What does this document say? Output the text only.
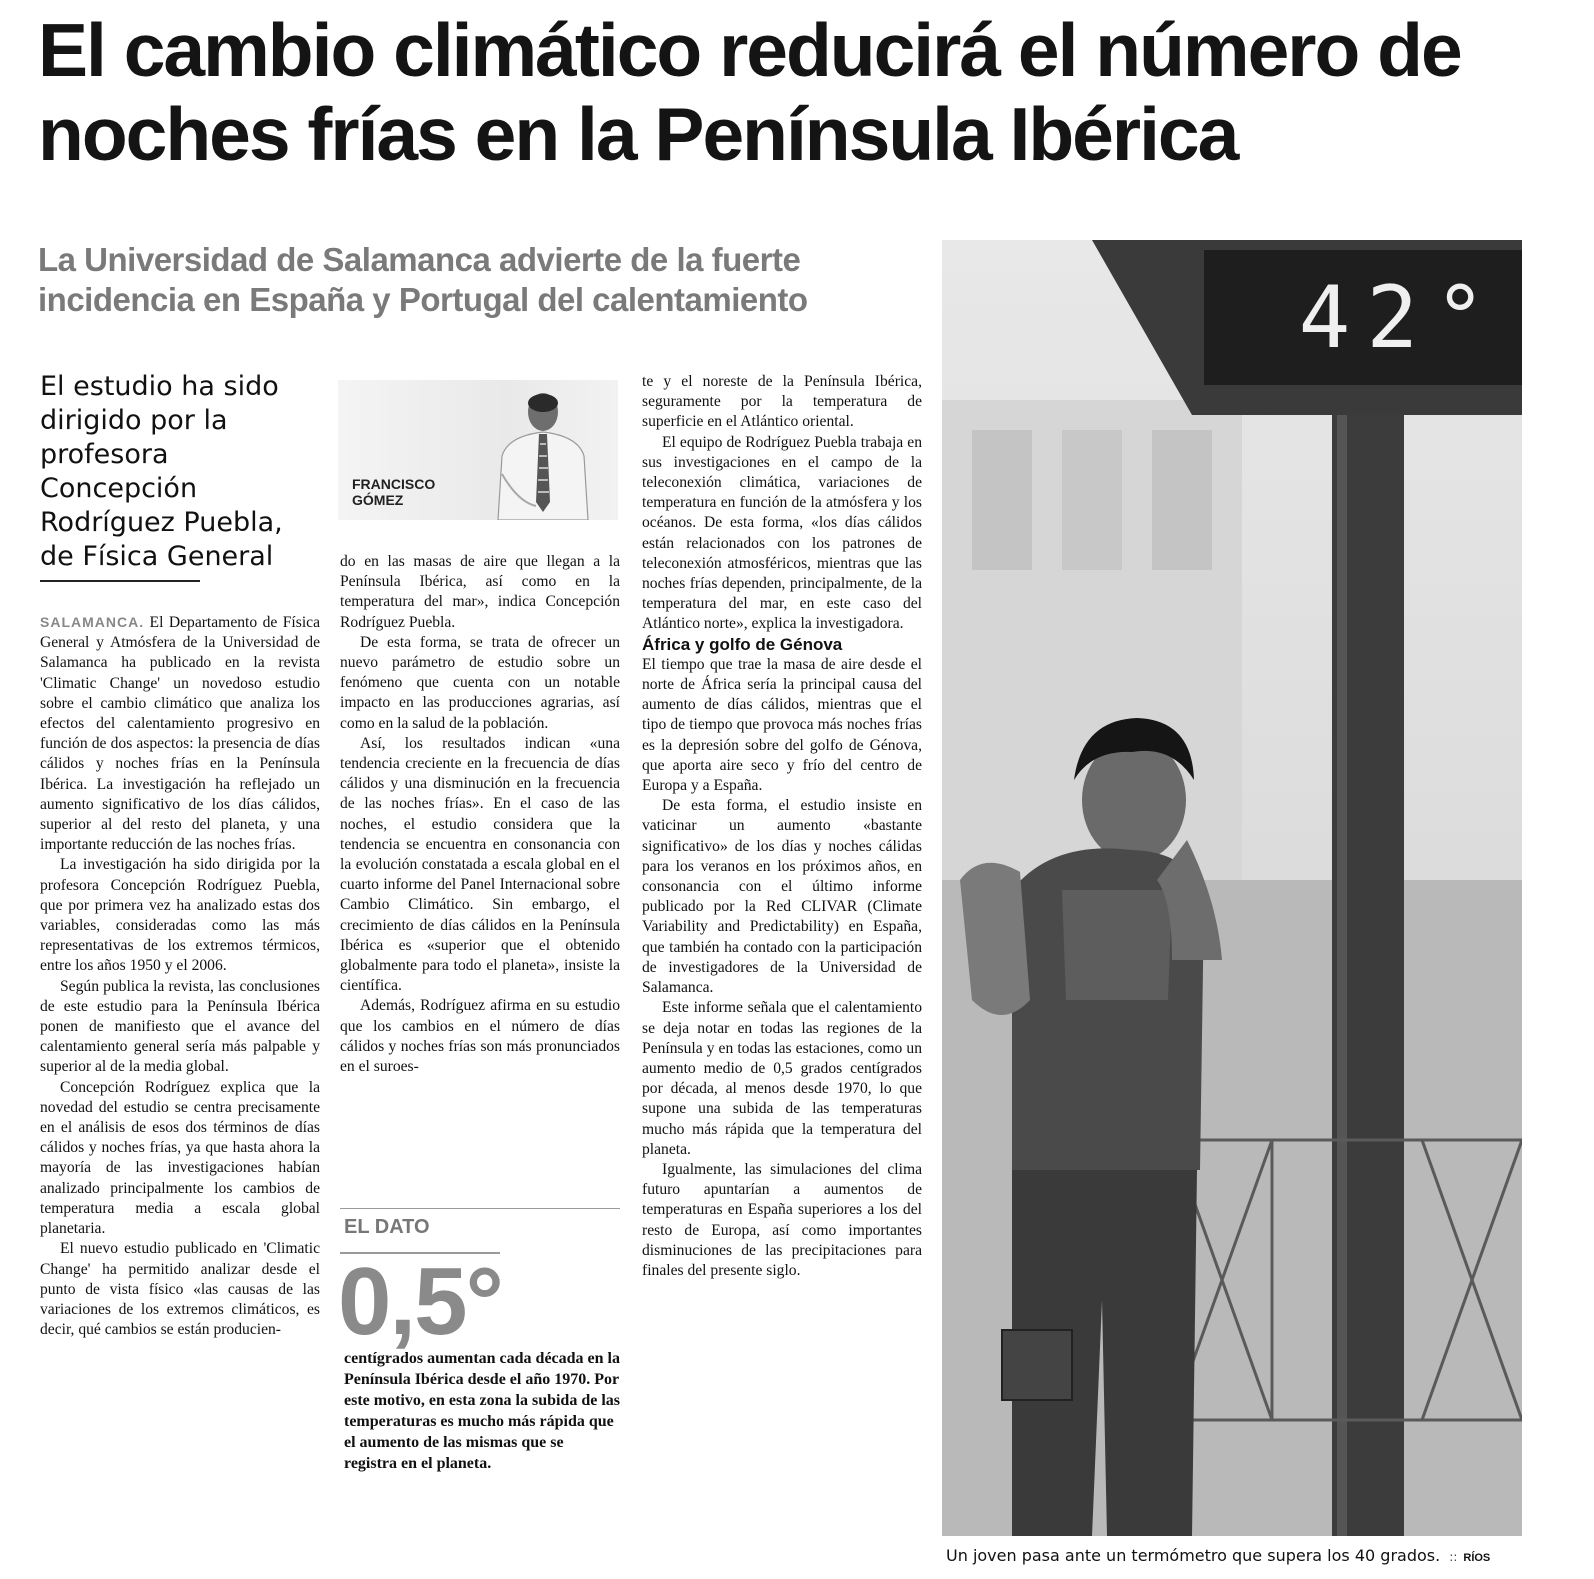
El cambio climático reducirá el número de noches frías en la Península Ibérica
La Universidad de Salamanca advierte de la fuerte incidencia en España y Portugal del calentamiento

El estudio ha sido dirigido por la profesora Concepción Rodríguez Puebla, de Física General

SALAMANCA. El Departamento de Física General y Atmósfera de la Universidad de Salamanca ha publicado en la revista 'Climatic Change' un novedoso estudio sobre el cambio climático que analiza los efectos del calentamiento progresivo en función de dos aspectos: la presencia de días cálidos y noches frías en la Península Ibérica. La investigación ha reflejado un aumento significativo de los días cálidos, superior al del resto del planeta, y una importante reducción de las noches frías.

La investigación ha sido dirigida por la profesora Concepción Rodríguez Puebla, que por primera vez ha analizado estas dos variables, consideradas como las más representativas de los extremos térmicos, entre los años 1950 y el 2006.

Según publica la revista, las conclusiones de este estudio para la Península Ibérica ponen de manifiesto que el avance del calentamiento general sería más palpable y superior al de la media global.

Concepción Rodríguez explica que la novedad del estudio se centra precisamente en el análisis de esos dos términos de días cálidos y noches frías, ya que hasta ahora la mayoría de las investigaciones habían analizado principalmente los cambios de temperatura media a escala global planetaria.

El nuevo estudio publicado en 'Climatic Change' ha permitido analizar desde el punto de vista físico «las causas de las variaciones de los extremos climáticos, es decir, qué cambios se están producien-

FRANCISCO
GÓMEZ

do en las masas de aire que llegan a la Península Ibérica, así como en la temperatura del mar», indica Concepción Rodríguez Puebla.

De esta forma, se trata de ofrecer un nuevo parámetro de estudio sobre un fenómeno que cuenta con un notable impacto en las producciones agrarias, así como en la salud de la población.

Así, los resultados indican «una tendencia creciente en la frecuencia de días cálidos y una disminución en la frecuencia de las noches frías». En el caso de las noches, el estudio considera que la tendencia se encuentra en consonancia con la evolución constatada a escala global en el cuarto informe del Panel Internacional sobre Cambio Climático. Sin embargo, el crecimiento de días cálidos en la Península Ibérica es «superior que el obtenido globalmente para todo el planeta», insiste la científica.

Además, Rodríguez afirma en su estudio que los cambios en el número de días cálidos y noches frías son más pronunciados en el suroes-

EL DATO
0,5°

centígrados aumentan cada década en la Península Ibérica desde el año 1970. Por este motivo, en esta zona la subida de las temperaturas es mucho más rápida que el aumento de las mismas que se registra en el planeta.

te y el noreste de la Península Ibérica, seguramente por la temperatura de superficie en el Atlántico oriental.

El equipo de Rodríguez Puebla trabaja en sus investigaciones en el campo de la teleconexión climática, variaciones de temperatura en función de la atmósfera y los océanos. De esta forma, «los días cálidos están relacionados con los patrones de teleconexión atmosféricos, mientras que las noches frías dependen, principalmente, de la temperatura del mar, en este caso del Atlántico norte», explica la investigadora.

África y golfo de Génova

El tiempo que trae la masa de aire desde el norte de África sería la principal causa del aumento de días cálidos, mientras que el tipo de tiempo que provoca más noches frías es la depresión sobre del golfo de Génova, que aporta aire seco y frío del centro de Europa y a España.

De esta forma, el estudio insiste en vaticinar un aumento «bastante significativo» de los días y noches cálidas para los veranos en los próximos años, en consonancia con el último informe publicado por la Red CLIVAR (Climate Variability and Predictability) en España, que también ha contado con la participación de investigadores de la Universidad de Salamanca.

Este informe señala que el calentamiento se deja notar en todas las regiones de la Península y en todas las estaciones, como un aumento medio de 0,5 grados centígrados por década, al menos desde 1970, lo que supone una subida de las temperaturas mucho más rápida que la temperatura del planeta.

Igualmente, las simulaciones del clima futuro apuntarían a aumentos de temperaturas en España superiores a los del resto de Europa, así como importantes disminuciones de las precipitaciones para finales del presente siglo.

42°

Un joven pasa ante un termómetro que supera los 40 grados. :: RÍOS
